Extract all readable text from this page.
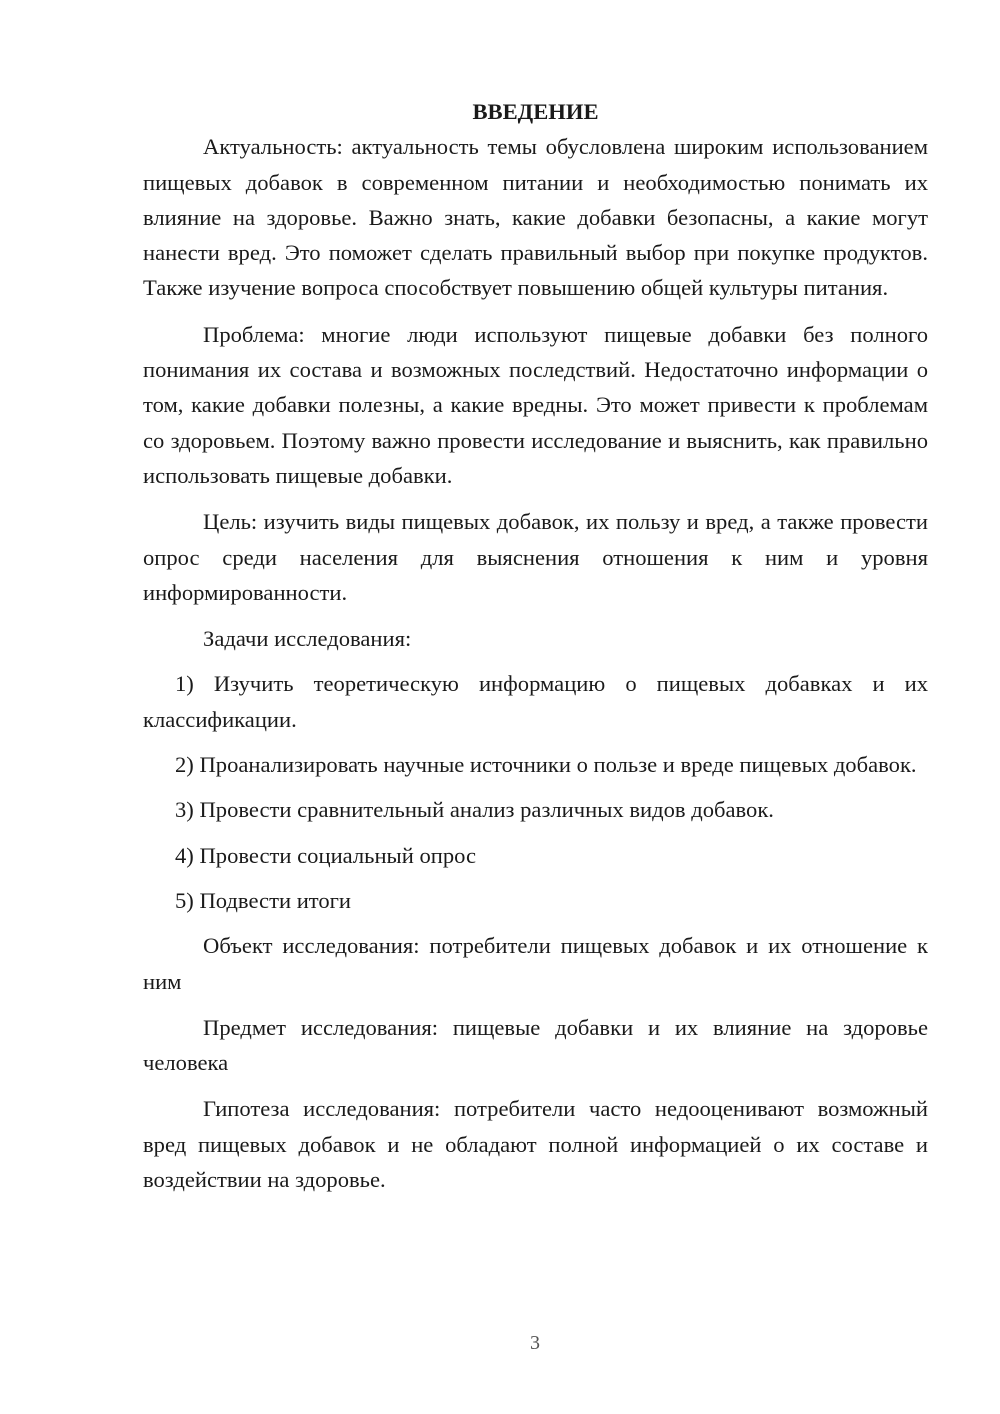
ВВЕДЕНИЕ

Актуальность: актуальность темы обусловлена широким использованием пищевых добавок в современном питании и необходимостью понимать их влияние на здоровье. Важно знать, какие добавки безопасны, а какие могут нанести вред. Это поможет сделать правильный выбор при покупке продуктов. Также изучение вопроса способствует повышению общей культуры питания.

Проблема: многие люди используют пищевые добавки без полного понимания их состава и возможных последствий. Недостаточно информации о том, какие добавки полезны, а какие вредны. Это может привести к проблемам со здоровьем. Поэтому важно провести исследование и выяснить, как правильно использовать пищевые добавки.

Цель: изучить виды пищевых добавок, их пользу и вред, а также провести опрос среди населения для выяснения отношения к ним и уровня информированности.

Задачи исследования:

1) Изучить теоретическую информацию о пищевых добавках и их классификации.

2) Проанализировать научные источники о пользе и вреде пищевых добавок.

3) Провести сравнительный анализ различных видов добавок.

4) Провести социальный опрос

5) Подвести итоги

Объект исследования: потребители пищевых добавок и их отношение к ним

Предмет исследования: пищевые добавки и их влияние на здоровье человека

Гипотеза исследования: потребители часто недооценивают возможный вред пищевых добавок и не обладают полной информацией о их составе и воздействии на здоровье.

3
